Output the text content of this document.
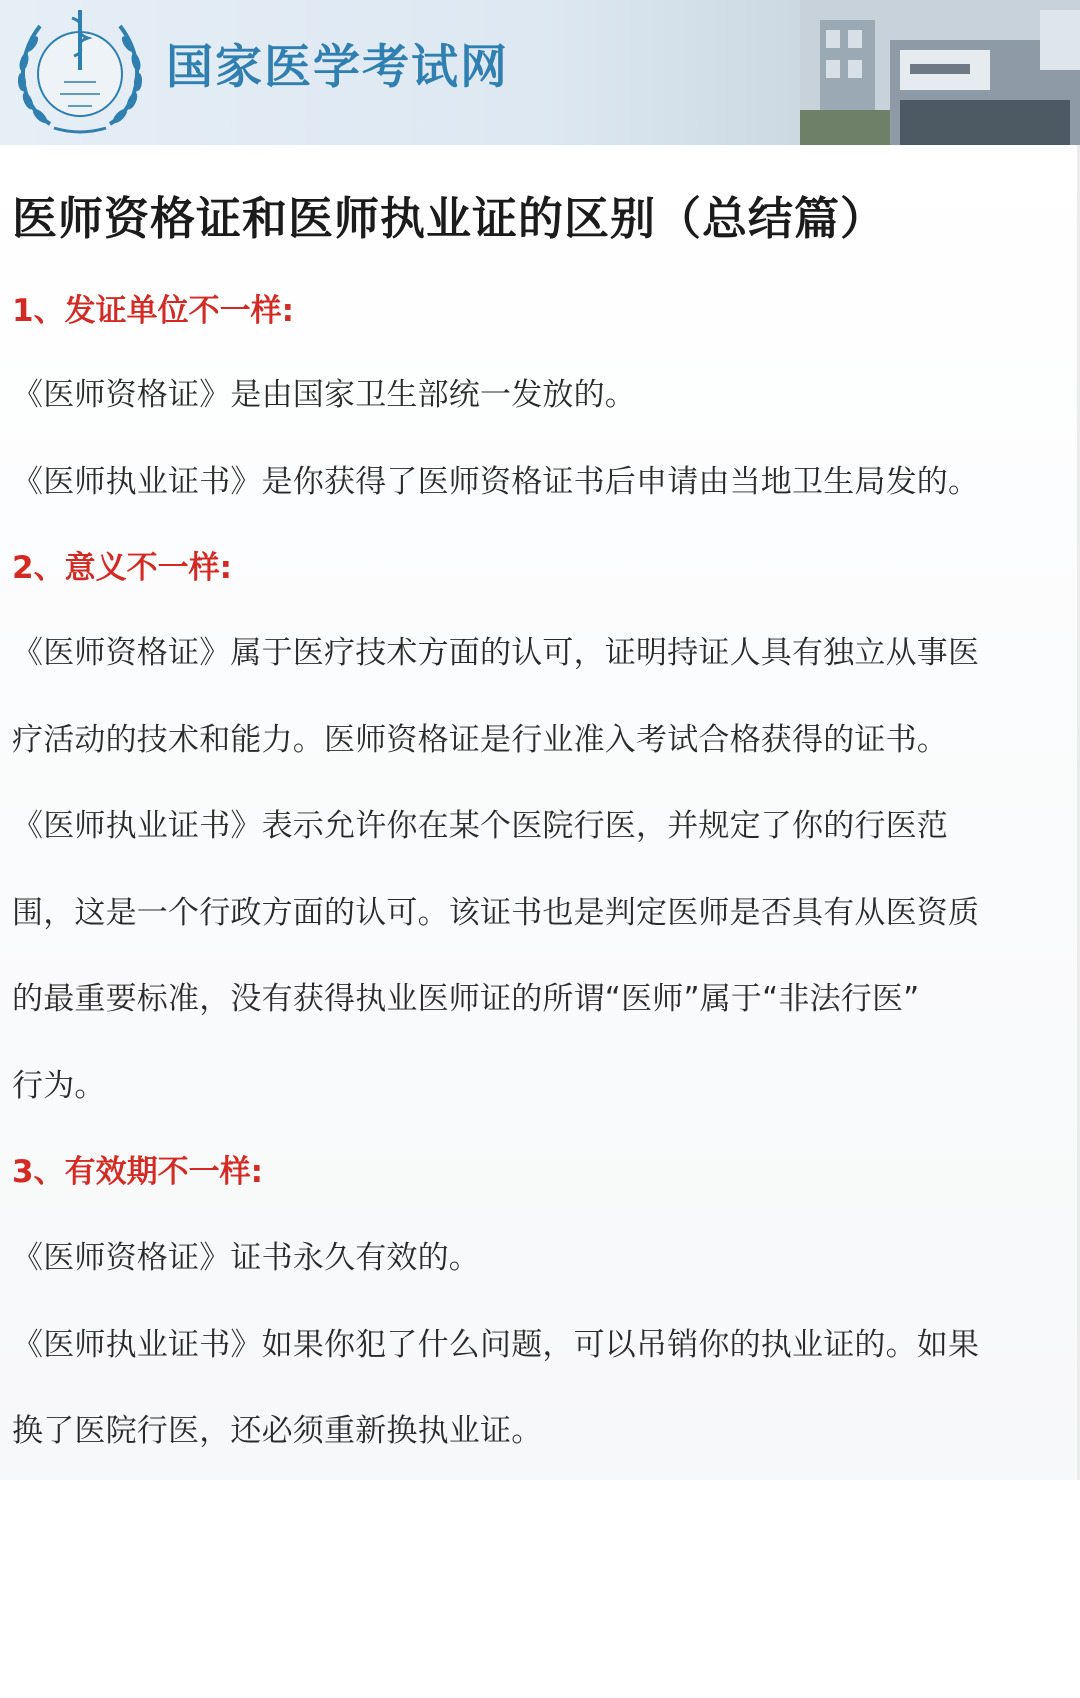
国家医学考试网
医师资格证和医师执业证的区别（总结篇）
1、发证单位不一样:
《医师资格证》是由国家卫生部统一发放的。
《医师执业证书》是你获得了医师资格证书后申请由当地卫生局发的。
2、意义不一样:
《医师资格证》属于医疗技术方面的认可，证明持证人具有独立从事医
疗活动的技术和能力。医师资格证是行业准入考试合格获得的证书。
《医师执业证书》表示允许你在某个医院行医，并规定了你的行医范
围，这是一个行政方面的认可。该证书也是判定医师是否具有从医资质
的最重要标准，没有获得执业医师证的所谓“医师”属于“非法行医”
行为。
3、有效期不一样:
《医师资格证》证书永久有效的。
《医师执业证书》如果你犯了什么问题，可以吊销你的执业证的。如果
换了医院行医，还必须重新换执业证。
